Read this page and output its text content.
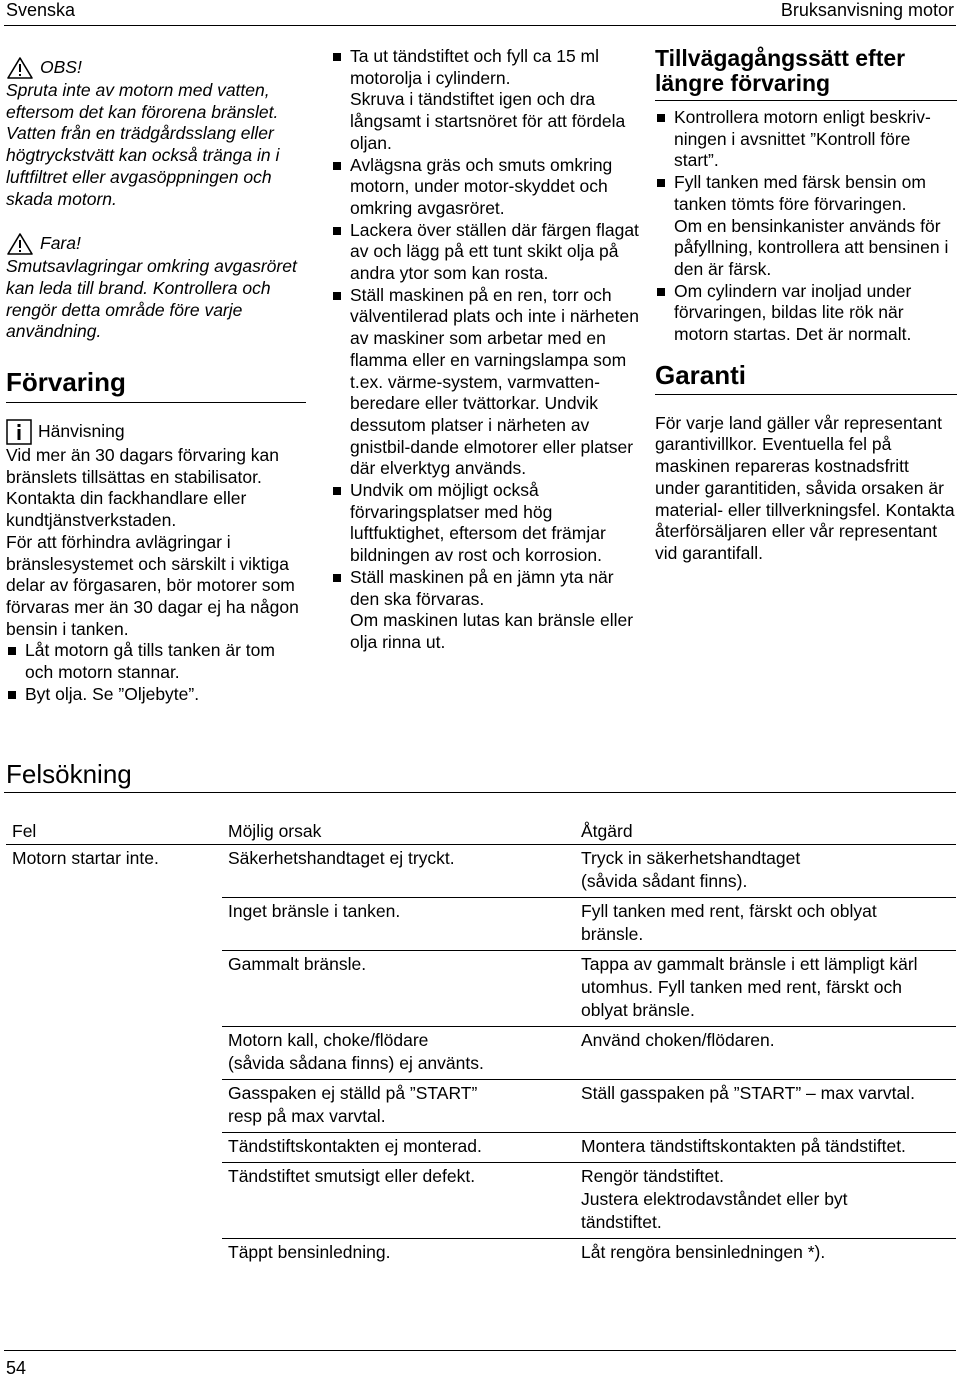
Svenska	Bruksanvisning motor
OBS!

Spruta inte av motorn med vatten, eftersom det kan förorena bränslet. Vatten från en trädgårdsslang eller högtryckstvätt kan också tränga in i luftfiltret eller avgasöppningen och skada motorn.

Fara!

Smutsavlagringar omkring avgasröret kan leda till brand. Kontrollera och rengör detta område före varje användning.

Förvaring
Hänvisning

Vid mer än 30 dagars förvaring kan bränslets tillsättas en stabilisator. Kontakta din fackhandlare eller kundtjänstverkstaden.
För att förhindra avlägringar i bränslesystemet och särskilt i viktiga delar av förgasaren, bör motorer som förvaras mer än 30 dagar ej ha någon bensin i tanken.

Låt motorn gå tills tanken är tom och motorn stannar.
Byt olja. Se ”Oljebyte”.
Ta ut tändstiftet och fyll ca 15 ml motorolja i cylindern.
Skruva i tändstiftet igen och dra långsamt i startsnöret för att fördela oljan.
Avlägsna gräs och smuts omkring motorn, under motor-skyddet och omkring avgasröret.
Lackera över ställen där färgen flagat av och lägg på ett tunt skikt olja på andra ytor som kan rosta.
Ställ maskinen på en ren, torr och välventilerad plats och inte i närheten av maskiner som arbetar med en flamma eller en varningslampa som t.ex. värme-system, varmvatten-beredare eller tvättorkar. Undvik dessutom platser i närheten av gnistbil-dande elmotorer eller platser där elverktyg används.
Undvik om möjligt också förvaringsplatser med hög luftfuktighet, eftersom det främjar bildningen av rost och korrosion.
Ställ maskinen på en jämn yta när den ska förvaras.
Om maskinen lutas kan bränsle eller olja rinna ut.
Tillvägagångssätt efter längre förvaring
Kontrollera motorn enligt beskriv-ningen i avsnittet ”Kontroll före start”.
Fyll tanken med färsk bensin om tanken tömts före förvaringen.
Om en bensinkanister används för påfyllning, kontrollera att bensinen i den är färsk.
Om cylindern var inoljad under förvaringen, bildas lite rök när motorn startas. Det är normalt.
Garanti

För varje land gäller vår representant garantivillkor. Eventuella fel på maskinen repareras kostnadsfritt under garantitiden, såvida orsaken är material- eller tillverkningsfel. Kontakta återförsäljaren eller vår representant vid garantifall.

Felsökning
Fel	Möjlig orsak	Åtgärd
Motorn startar inte.	Säkerhetshandtaget ej tryckt.	Tryck in säkerhetshandtaget
(såvida sådant finns).
	Inget bränsle i tanken.	Fyll tanken med rent, färskt och oblyat
bränsle.
	Gammalt bränsle.	Tappa av gammalt bränsle i ett lämpligt kärl
utomhus. Fyll tanken med rent, färskt och
oblyat bränsle.
	Motorn kall, choke/flödare
(såvida sådana finns) ej använts.	Använd choken/flödaren.
	Gasspaken ej ställd på ”START”
resp på max varvtal.	Ställ gasspaken på ”START” – max varvtal.
	Tändstiftskontakten ej monterad.	Montera tändstiftskontakten på tändstiftet.
	Tändstiftet smutsigt eller defekt.	Rengör tändstiftet.
Justera elektrodavståndet eller byt
tändstiftet.
	Täppt bensinledning.	Låt rengöra bensinledningen *).
54
